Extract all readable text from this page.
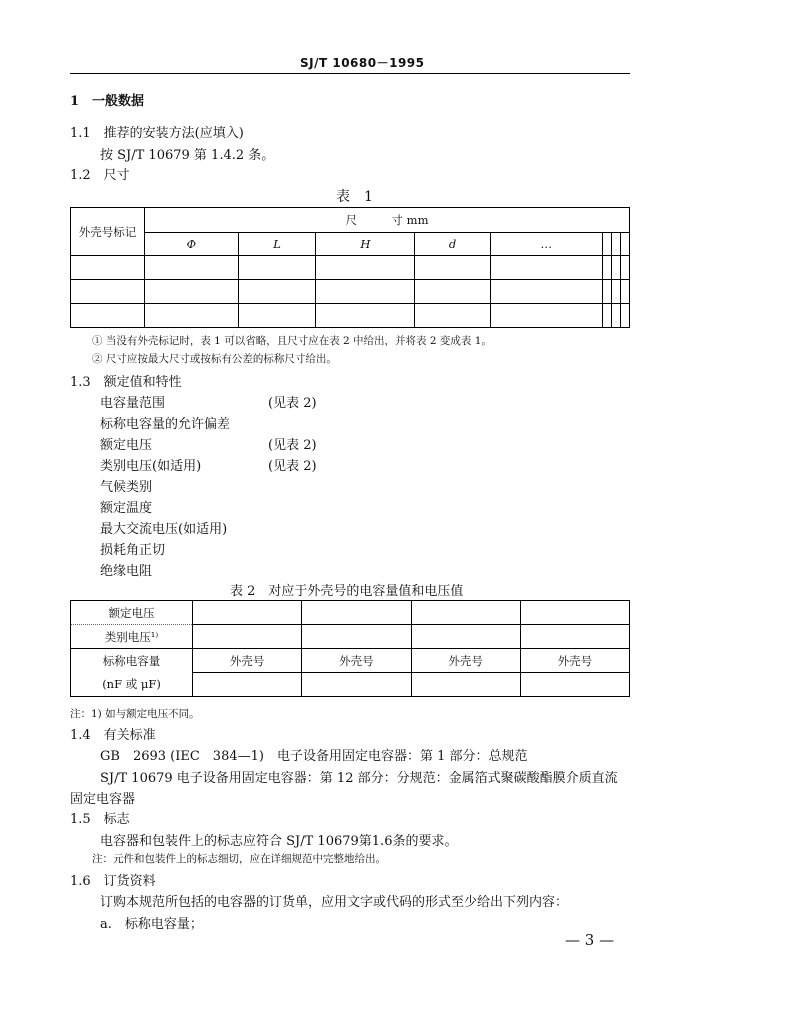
SJ/T 10680－1995
1　一般数据
1.1　推荐的安装方法(应填入)
按 SJ/T 10679 第 1.4.2 条。
1.2　尺寸
表　1
外壳号标记	尺　　　寸 mm							
	Φ	L	H	d	…			

① 当没有外壳标记时，表 1 可以省略，且尺寸应在表 2 中给出，并将表 2 变成表 1。
② 尺寸应按最大尺寸或按标有公差的标称尺寸给出。
1.3　额定值和特性
电容量范围	(见表 2)
标称电容量的允许偏差
额定电压	(见表 2)
类别电压(如适用)	(见表 2)
气候类别
额定温度
最大交流电压(如适用)
损耗角正切
绝缘电阻
表 2　对应于外壳号的电容量值和电压值
额定电压				
类别电压¹⁾				
标称电容量	外壳号	外壳号	外壳号	外壳号
(nF 或 μF)				
注：1) 如与额定电压不同。
1.4　有关标准
GB　2693 (IEC　384—1)　电子设备用固定电容器：第 1 部分：总规范
SJ/T 10679 电子设备用固定电容器：第 12 部分：分规范：金属箔式聚碳酸酯膜介质直流
固定电容器
1.5　标志
电容器和包装件上的标志应符合 SJ/T 10679第1.6条的要求。
注：元件和包装件上的标志细切，应在详细规范中完整地给出。
1.6　订货资料
订购本规范所包括的电容器的订货单，应用文字或代码的形式至少给出下列内容：
a.　标称电容量；
— 3 —
